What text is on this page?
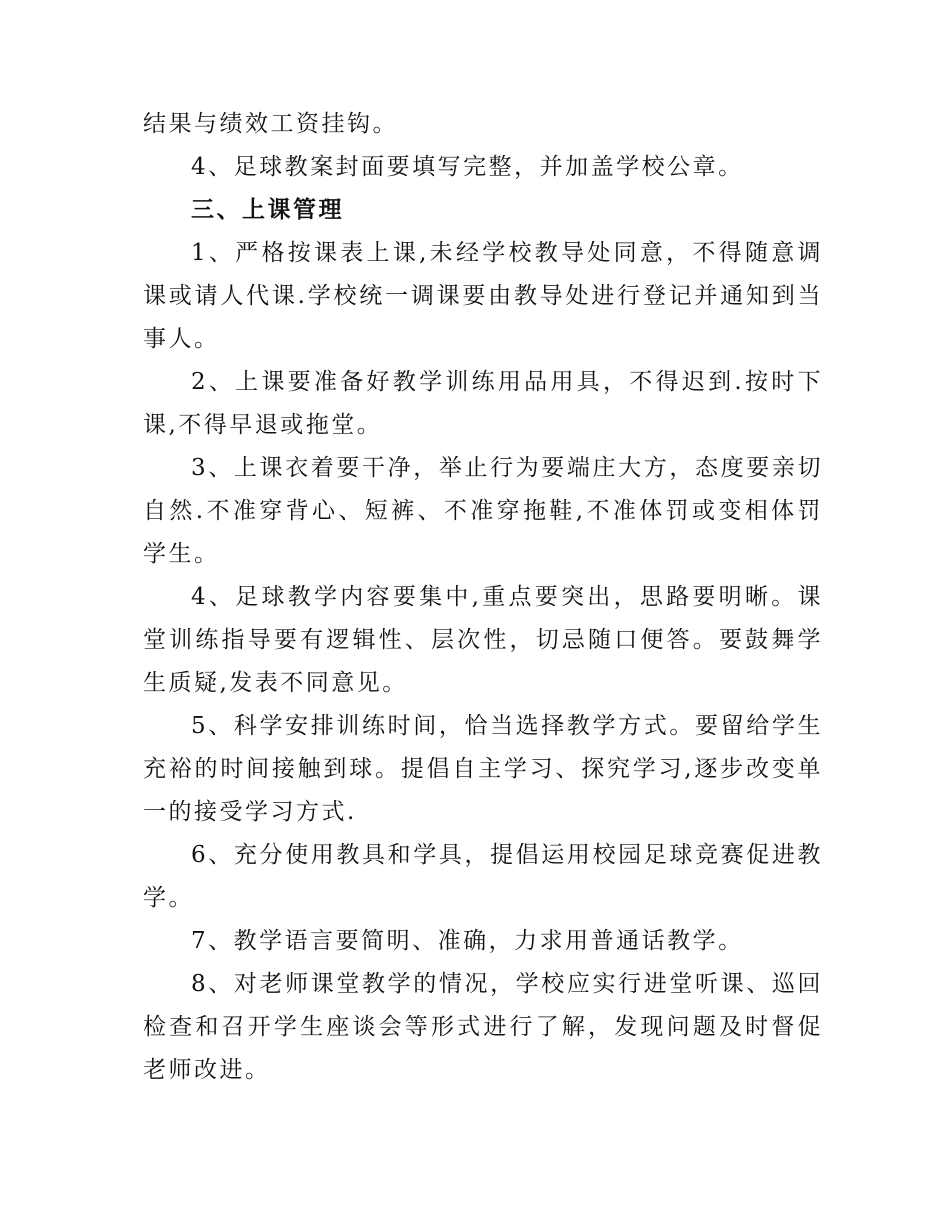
结果与绩效工资挂钩。

4、足球教案封面要填写完整，并加盖学校公章。

三、上课管理

1、严格按课表上课,未经学校教导处同意，不得随意调课或请人代课.学校统一调课要由教导处进行登记并通知到当事人。

2、上课要准备好教学训练用品用具，不得迟到.按时下课,不得早退或拖堂。

3、上课衣着要干净，举止行为要端庄大方，态度要亲切自然.不准穿背心、短裤、不准穿拖鞋,不准体罚或变相体罚学生。

4、足球教学内容要集中,重点要突出，思路要明晰。课堂训练指导要有逻辑性、层次性，切忌随口便答。要鼓舞学生质疑,发表不同意见。

5、科学安排训练时间，恰当选择教学方式。要留给学生充裕的时间接触到球。提倡自主学习、探究学习,逐步改变单一的接受学习方式.

6、充分使用教具和学具，提倡运用校园足球竞赛促进教学。

7、教学语言要简明、准确，力求用普通话教学。

8、对老师课堂教学的情况，学校应实行进堂听课、巡回检查和召开学生座谈会等形式进行了解，发现问题及时督促老师改进。
